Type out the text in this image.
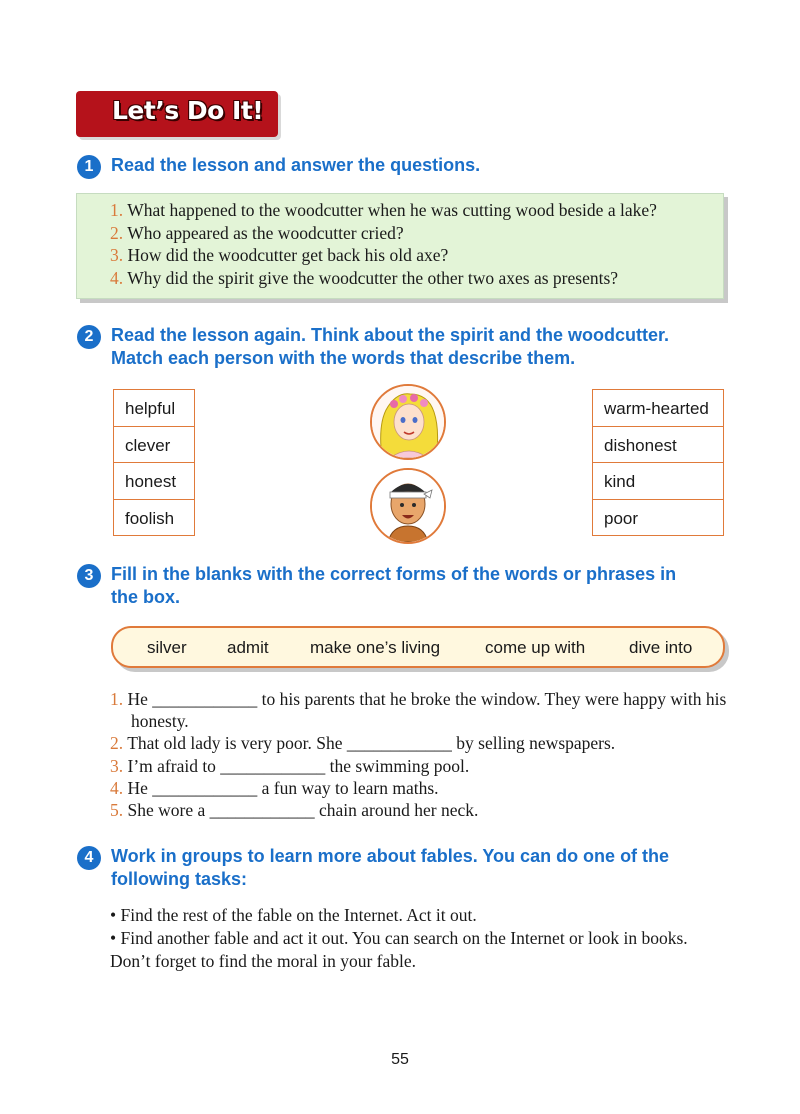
Let’s Do It!
1 Read the lesson and answer the questions.
1. What happened to the woodcutter when he was cutting wood beside a lake?
2. Who appeared as the woodcutter cried?
3. How did the woodcutter get back his old axe?
4. Why did the spirit give the woodcutter the other two axes as presents?
2 Read the lesson again. Think about the spirit and the woodcutter.
Match each person with the words that describe them.
helpful
clever
honest
foolish
warm-hearted
dishonest
kind
poor
3 Fill in the blanks with the correct forms of the words or phrases in
the box.
silver admit make one’s living	come up with	dive into
1. He ____________ to his parents that he broke the window. They were happy with his honesty.
2. That old lady is very poor. She ____________ by selling newspapers.
3. I’m afraid to ____________ the swimming pool.
4. He ____________ a fun way to learn maths.
5. She wore a ____________ chain around her neck.
4 Work in groups to learn more about fables. You can do one of the
following tasks:
• Find the rest of the fable on the Internet. Act it out.
• Find another fable and act it out. You can search on the Internet or look in books. Don’t forget to find the moral in your fable.
55
